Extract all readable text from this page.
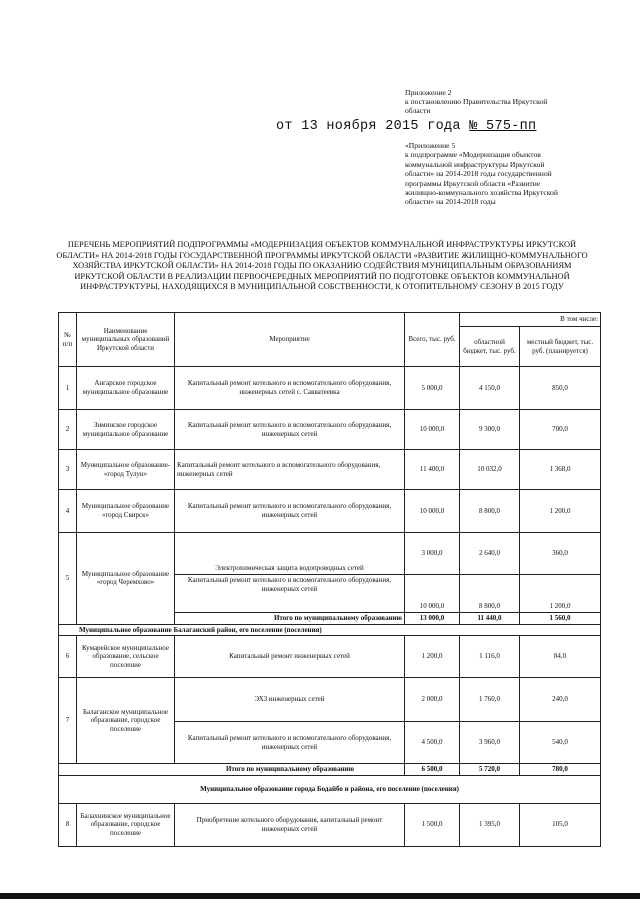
Приложение 2
к постановлению Правительства Иркутской
области
от 13 ноября 2015 года № 575-пп
«Приложение 5
к подпрограмме «Модернизация объектов
коммунальной инфраструктуры Иркутской
области» на 2014-2018 годы государственной
программы Иркутской области «Развитие
жилищно-коммунального хозяйства Иркутской
области» на 2014-2018 годы
ПЕРЕЧЕНЬ МЕРОПРИЯТИЙ ПОДПРОГРАММЫ «МОДЕРНИЗАЦИЯ ОБЪЕКТОВ КОММУНАЛЬНОЙ ИНФРАСТРУКТУРЫ ИРКУТСКОЙ ОБЛАСТИ» НА 2014-2018 ГОДЫ ГОСУДАРСТВЕННОЙ ПРОГРАММЫ ИРКУТСКОЙ ОБЛАСТИ «РАЗВИТИЕ ЖИЛИЩНО-КОММУНАЛЬНОГО ХОЗЯЙСТВА ИРКУТСКОЙ ОБЛАСТИ» НА 2014-2018 ГОДЫ ПО ОКАЗАНИЮ СОДЕЙСТВИЯ МУНИЦИПАЛЬНЫМ ОБРАЗОВАНИЯМ ИРКУТСКОЙ ОБЛАСТИ В РЕАЛИЗАЦИИ ПЕРВООЧЕРЕДНЫХ МЕРОПРИЯТИЙ ПО ПОДГОТОВКЕ ОБЪЕКТОВ КОММУНАЛЬНОЙ ИНФРАСТРУКТУРЫ, НАХОДЯЩИХСЯ В МУНИЦИПАЛЬНОЙ СОБСТВЕННОСТИ, К ОТОПИТЕЛЬНОМУ СЕЗОНУ В 2015 ГОДУ
№ п/п	Наименование муниципальных образований Иркутской области	Мероприятие	Всего, тыс. руб.	В том числе:	
				областной бюджет, тыс. руб.	местный бюджет, тыс. руб. (планируется)
1	Ангарское городское муниципальное образование	Капитальный ремонт котельного и вспомогательного оборудования, инженерных сетей с. Савватеевка	5 000,0	4 150,0	850,0
2	Зиминское городское муниципальное образование	Капитальный ремонт котельного и вспомогательного оборудования, инженерных сетей	10 000,0	9 300,0	700,0
3	Муниципальное образование- «город Тулун»	Капитальный ремонт котельного и вспомогательного оборудования, инженерных сетей	11 400,0	10 032,0	1 368,0
4	Муниципальное образование «город Свирск»	Капитальный ремонт котельного и вспомогательного оборудования, инженерных сетей	10 000,0	8 800,0	1 200,0
5	Муниципальное образование «город Черемхово»	Электрохимическая защита водопроводных сетей	3 000,0	2 640,0	360,0
		Капитальный ремонт котельного и вспомогательного оборудования, инженерных сетей	10 000,0	8 800,0	1 200,0
		Итого по муниципальному образованию	13 000,0	11 440,0	1 560,0
Муниципальное образование Балаганский район, его поселение (поселения)					
6	Кумарейское муниципальное образование, сельское поселение	Капитальный ремонт инженерных сетей	1 200,0	1 116,0	84,0
7	Балаганское муниципальное образование, городское поселение	ЭХЗ инженерных сетей	2 000,0	1 760,0	240,0
		Капитальный ремонт котельного и вспомогательного оборудования, инженерных сетей	4 500,0	3 960,0	540,0
Итого по муниципальному образованию			6 500,0	5 720,0	780,0
Муниципальное образование города Бодайбо и района, его поселение (поселения)					
8	Балахнинское муниципальное образование, городское поселение	Приобретение котельного оборудования, капитальный ремонт инженерных сетей	1 500,0	1 395,0	105,0
